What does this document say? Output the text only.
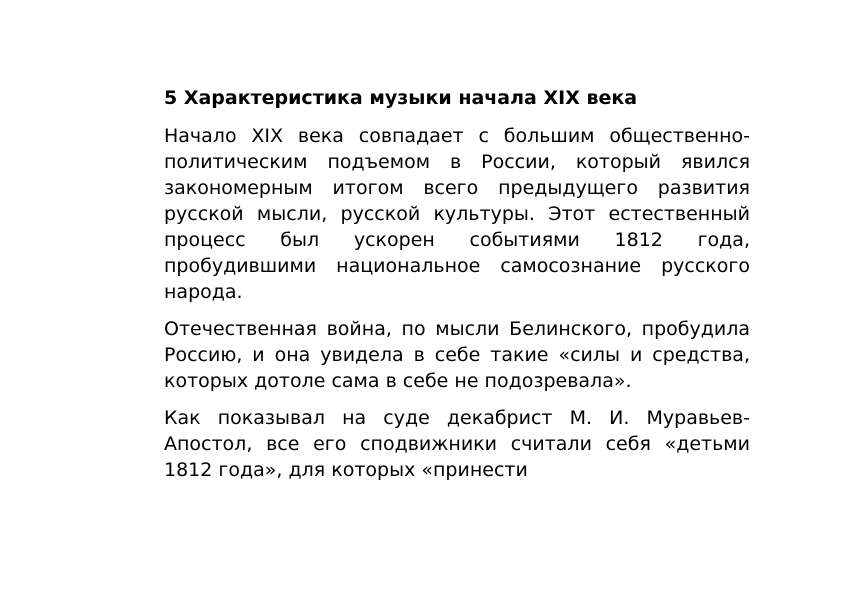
5 Характеристика музыки начала XIX века

Начало XIX века совпадает с большим общественно-политическим подъемом в России, который явился закономерным итогом всего предыдущего развития русской мысли, русской культуры. Этот естественный процесс был ускорен событиями 1812 года, пробудившими национальное самосознание русского народа.

Отечественная война, по мысли Белинского, пробудила Россию, и она увидела в себе такие «силы и средства, которых дотоле сама в себе не подозревала».

Как показывал на суде декабрист М. И. Муравьев-Апостол, все его сподвижники считали себя «детьми 1812 года», для которых «принести
